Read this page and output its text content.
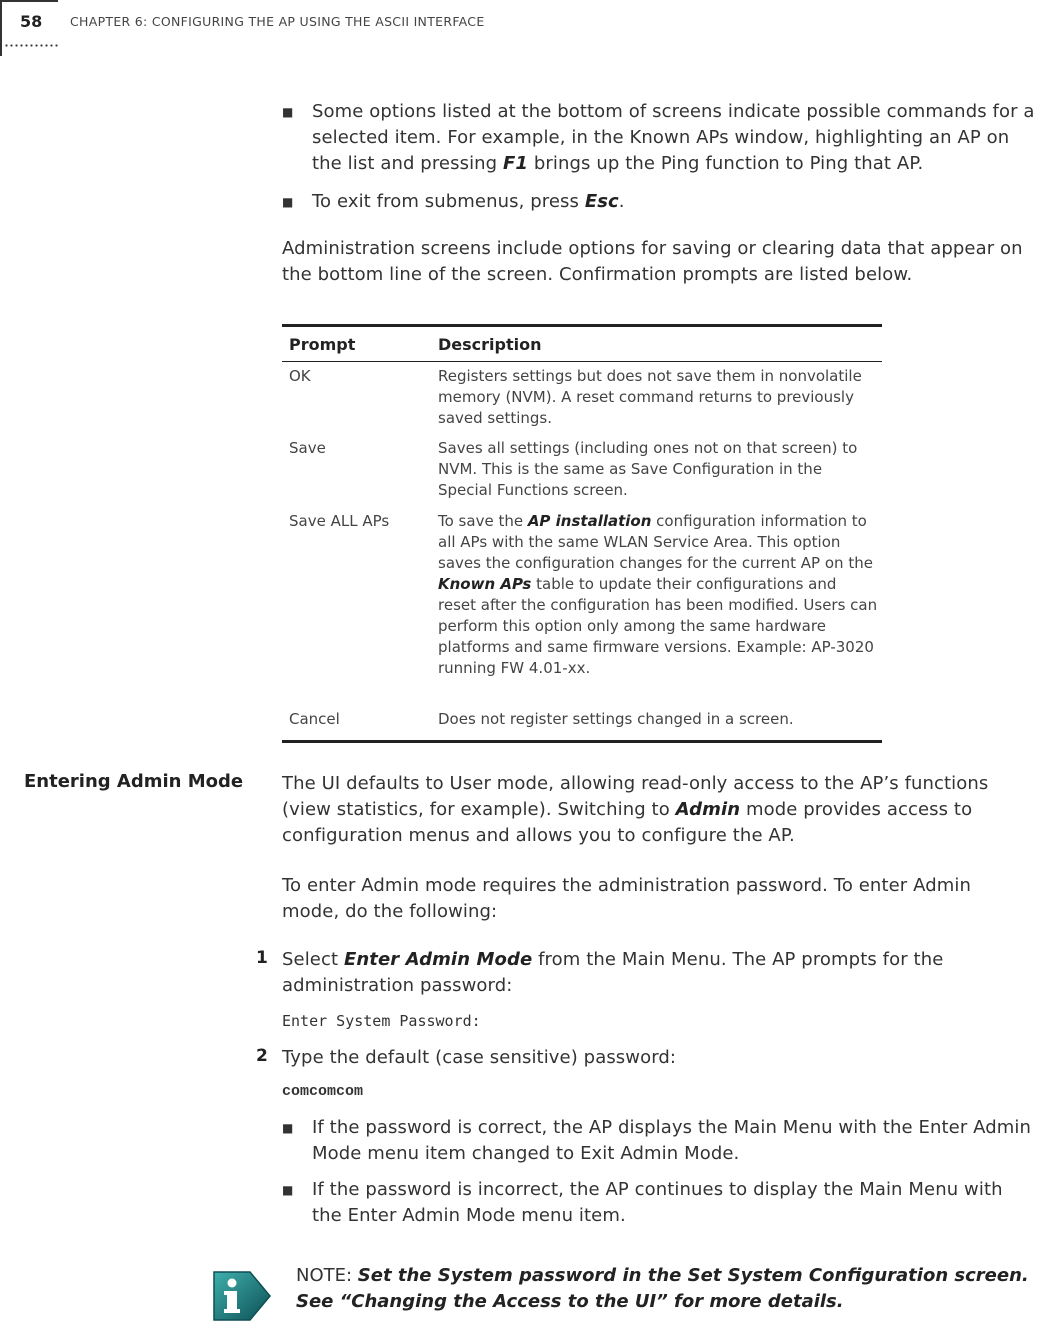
58 CHAPTER 6: CONFIGURING THE AP USING THE ASCII INTERFACE
■ Some options listed at the bottom of screens indicate possible commands for a selected item. For example, in the Known APs window, highlighting an AP on the list and pressing F1 brings up the Ping function to Ping that AP.
■ To exit from submenus, press Esc.
Administration screens include options for saving or clearing data that appear on the bottom line of the screen. Confirmation prompts are listed below.
Prompt	Description
OK	Registers settings but does not save them in nonvolatile memory (NVM). A reset command returns to previously saved settings.
Save	Saves all settings (including ones not on that screen) to NVM. This is the same as Save Configuration in the Special Functions screen.
Save ALL APs	To save the AP installation configuration information to all APs with the same WLAN Service Area. This option saves the configuration changes for the current AP on the Known APs table to update their configurations and reset after the configuration has been modified. Users can perform this option only among the same hardware platforms and same firmware versions. Example: AP-3020 running FW 4.01-xx.
Cancel	Does not register settings changed in a screen.
Entering Admin Mode The UI defaults to User mode, allowing read-only access to the AP’s functions (view statistics, for example). Switching to Admin mode provides access to configuration menus and allows you to configure the AP.
To enter Admin mode requires the administration password. To enter Admin mode, do the following:
1 Select Enter Admin Mode from the Main Menu. The AP prompts for the administration password:
Enter System Password:
2 Type the default (case sensitive) password:
comcomcom
■ If the password is correct, the AP displays the Main Menu with the Enter Admin Mode menu item changed to Exit Admin Mode.
■ If the password is incorrect, the AP continues to display the Main Menu with the Enter Admin Mode menu item.
NOTE: Set the System password in the Set System Configuration screen. See “Changing the Access to the UI” for more details.
